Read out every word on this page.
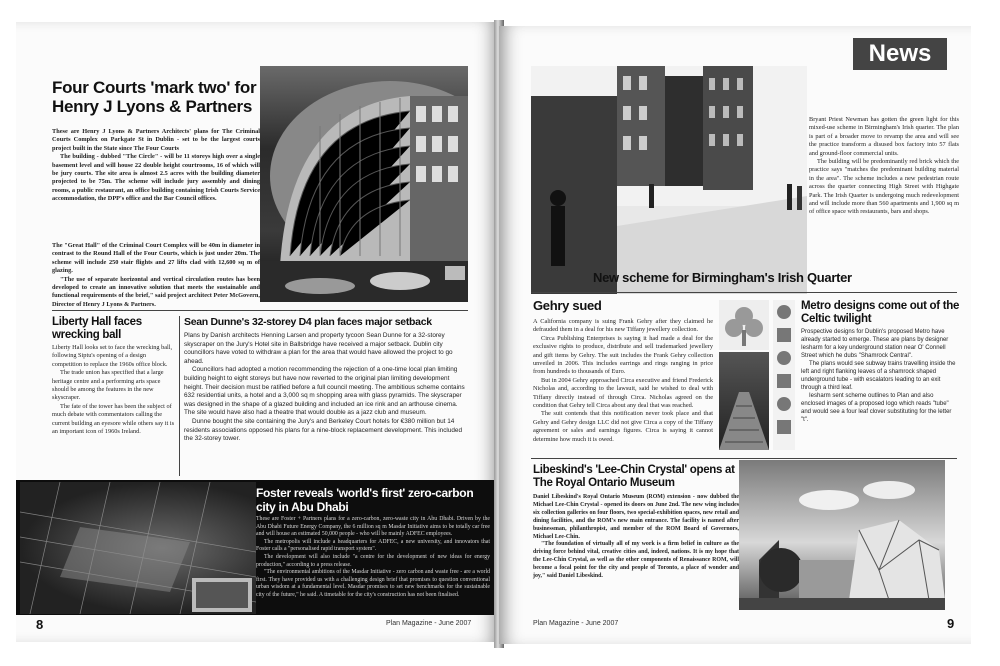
Four Courts 'mark two' for Henry J Lyons & Partners

These are Henry J Lyons & Partners Architects' plans for The Criminal Courts Complex on Parkgate St in Dublin - set to be the largest courts project built in the State since The Four Courts

The building - dubbed "The Circle" - will be 11 storeys high over a single basement level and will house 22 double height courtrooms, 16 of which will be jury courts. The site area is almost 2.5 acres with the building diameter projected to be 75m. The scheme will include jury assembly and dining rooms, a public restaurant, an office building containing Irish Courts Service accommodation, the DPP's office and the Bar Council offices.

The "Great Hall" of the Criminal Court Complex will be 40m in diameter in contrast to the Round Hall of the Four Courts, which is just under 20m. The scheme will include 250 stair flights and 27 lifts clad with 12,600 sq m of glazing.

"The use of separate horizontal and vertical circulation routes has been developed to create an innovative solution that meets the sustainable and functional requirements of the brief," said project architect Peter McGovern, Director of Henry J Lyons & Partners.

Liberty Hall faces wrecking ball

Liberty Hall looks set to face the wrecking ball, following Siptu's opening of a design competition to replace the 1960s office block.

The trade union has specified that a large heritage centre and a performing arts space should be among the features in the new skyscraper.

The fate of the tower has been the subject of much debate with commentators calling the current building an eyesore while others say it is an important icon of 1960s Ireland.

Sean Dunne's 32-storey D4 plan faces major setback

Plans by Danish architects Henning Larsen and property tycoon Sean Dunne for a 32-storey skyscraper on the Jury's Hotel site in Ballsbridge have received a major setback. Dublin city councillors have voted to withdraw a plan for the area that would have allowed the project to go ahead.

Councillors had adopted a motion recommending the rejection of a one-time local plan limiting building height to eight storeys but have now reverted to the original plan limiting development height. Their decision must be ratified before a full council meeting. The ambitious scheme contains 632 residential units, a hotel and a 3,000 sq m shopping area with glass pyramids. The skyscraper was designed in the shape of a glazed building and included an ice rink and an arthouse cinema. The site would have also had a theatre that would double as a jazz club and museum.

Dunne bought the site containing the Jury's and Berkeley Court hotels for €380 million but 14 residents associations opposed his plans for a nine-block replacement development. This included the 32-storey tower.

Foster reveals 'world's first' zero-carbon city in Abu Dhabi

These are Foster + Partners plans for a zero-carbon, zero-waste city in Abu Dhabi. Driven by the Abu Dhabi Future Energy Company, the 6 million sq m Masdar Initiative aims to be totally car free and will house an estimated 50,000 people - who will be mainly ADFEC employees.

The metropolis will include a headquarters for ADFEC, a new university, and innovators that Foster calls a "personalised rapid transport system".

The development will also include "a centre for the development of new ideas for energy production," according to a press release.

"The environmental ambitions of the Masdar Initiative - zero carbon and waste free - are a world first. They have provided us with a challenging design brief that promises to question conventional urban wisdom at a fundamental level. Masdar promises to set new benchmarks for the sustainable city of the future," he said. A timetable for the city's construction has not been finalised.

8	Plan Magazine - June 2007
News

Bryant Priest Newman has gotten the green light for this mixed-use scheme in Birmingham's Irish quarter. The plan is part of a broader move to revamp the area and will see the practice transform a disused box factory into 57 flats and ground-floor commercial units.

The building will be predominantly red brick which the practice says "matches the predominant building material in the area". The scheme includes a new pedestrian route across the quarter connecting High Street with Highgate Park. The Irish Quarter is undergoing much redevelopment and will include more than 560 apartments and 1,900 sq m of office space with restaurants, bars and shops.

New scheme for Birmingham's Irish Quarter
Gehry sued

A California company is suing Frank Gehry after they claimed he defrauded them in a deal for his new Tiffany jewellery collection.

Circa Publishing Enterprises is saying it had made a deal for the exclusive rights to produce, distribute and sell trademarked jewellery and gift items by Gehry. The suit includes the Frank Gehry collection unveiled in 2006. This includes earrings and rings ranging in price from hundreds to thousands of Euro.

But in 2004 Gehry approached Circa executive and friend Frederick Nicholas and, according to the lawsuit, said he wished to deal with Tiffany directly instead of through Circa. Nicholas agreed on the condition that Gehry tell Circa about any deal that was reached.

The suit contends that this notification never took place and that Gehry and Gehry design LLC did not give Circa a copy of the Tiffany agreement or sales and earnings figures. Circa is saying it cannot determine how much it is owed.

Metro designs come out of the Celtic twilight

Prospective designs for Dublin's proposed Metro have already started to emerge. These are plans by designer Iesharm for a key underground station near O' Connell Street which he dubs "Shamrock Central".

The plans would see subway trains travelling inside the left and right flanking leaves of a shamrock shaped underground tube - with escalators leading to an exit through a third leaf.

Iesharm sent scheme outlines to Plan and also enclosed images of a proposed logo which reads "tube" and would see a four leaf clover substituting for the letter "t".

Libeskind's 'Lee-Chin Crystal' opens at The Royal Ontario Museum

Daniel Libeskind's Royal Ontario Museum (ROM) extension - now dubbed the Michael Lee-Chin Crystal - opened its doors on June 2nd. The new wing includes six collection galleries on four floors, two special-exhibition spaces, new retail and dining facilities, and the ROM's new main entrance. The facility is named after businessman, philanthropist, and member of the ROM Board of Governors, Michael Lee-Chin.

"The foundation of virtually all of my work is a firm belief in culture as the driving force behind vital, creative cities and, indeed, nations. It is my hope that the Lee-Chin Crystal, as well as the other components of Renaissance ROM, will become a focal point for the city and people of Toronto, a place of wonder and joy," said Daniel Libeskind.

Plan Magazine - June 2007	9
